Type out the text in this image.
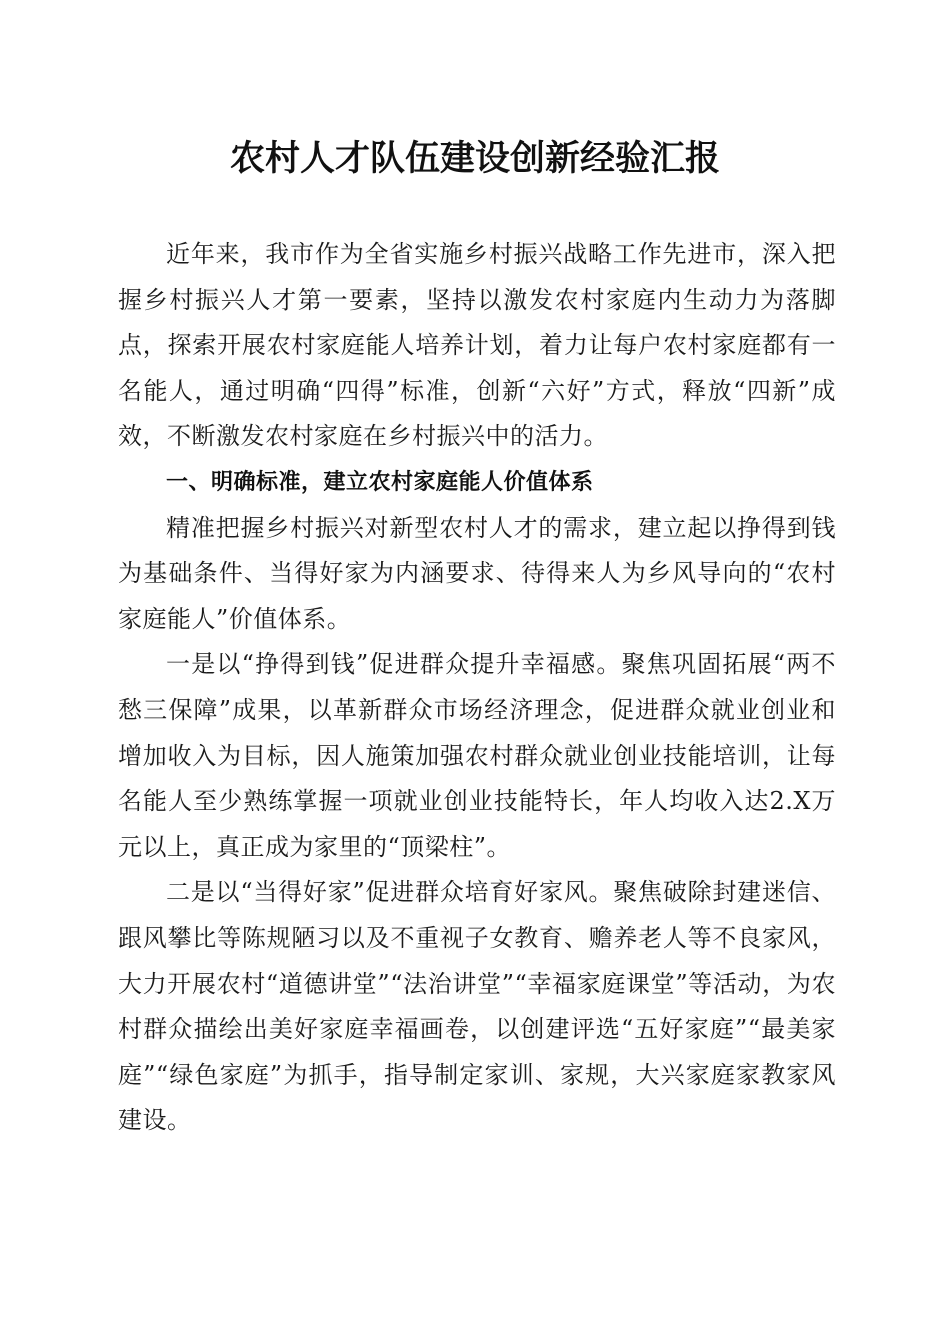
农村人才队伍建设创新经验汇报

近年来，我市作为全省实施乡村振兴战略工作先进市，深入把握乡村振兴人才第一要素，坚持以激发农村家庭内生动力为落脚点，探索开展农村家庭能人培养计划，着力让每户农村家庭都有一名能人，通过明确“四得”标准，创新“六好”方式，释放“四新”成效，不断激发农村家庭在乡村振兴中的活力。

一、明确标准，建立农村家庭能人价值体系

精准把握乡村振兴对新型农村人才的需求，建立起以挣得到钱为基础条件、当得好家为内涵要求、待得来人为乡风导向的“农村家庭能人”价值体系。

一是以“挣得到钱”促进群众提升幸福感。聚焦巩固拓展“两不愁三保障”成果，以革新群众市场经济理念，促进群众就业创业和增加收入为目标，因人施策加强农村群众就业创业技能培训，让每名能人至少熟练掌握一项就业创业技能特长，年人均收入达2.X万元以上，真正成为家里的“顶梁柱”。

二是以“当得好家”促进群众培育好家风。聚焦破除封建迷信、跟风攀比等陈规陋习以及不重视子女教育、赡养老人等不良家风，大力开展农村“道德讲堂”“法治讲堂”“幸福家庭课堂”等活动，为农村群众描绘出美好家庭幸福画卷，以创建评选“五好家庭”“最美家庭”“绿色家庭”为抓手，指导制定家训、家规，大兴家庭家教家风建设。
